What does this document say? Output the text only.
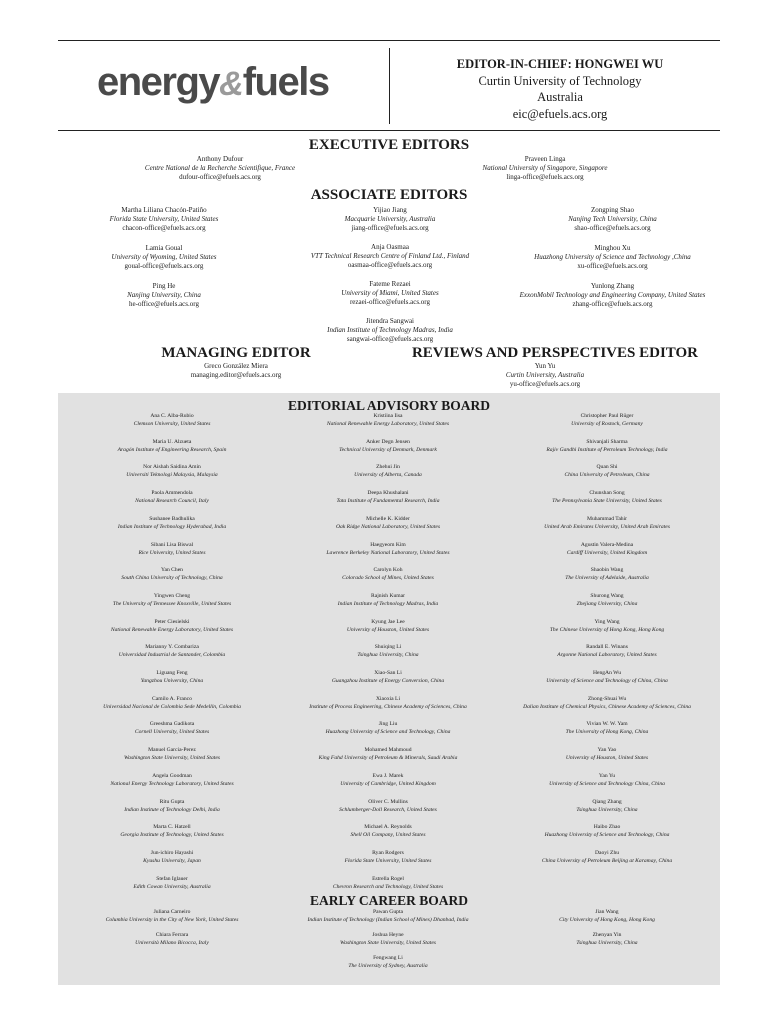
energy&fuels	EDITOR-IN-CHIEF: HONGWEI WU
Curtin University of Technology
Australia
eic@efuels.acs.org
EXECUTIVE EDITORS
Anthony Dufour
Centre National de la Recherche Scientifique, France
dufour-office@efuels.acs.org
Praveen Linga
National University of Singapore, Singapore
linga-office@efuels.acs.org
ASSOCIATE EDITORS
Martha Liliana Chacón-Patiño
Florida State University, United States
chacon-office@efuels.acs.org
Lamia Goual
University of Wyoming, United States
goual-office@efuels.acs.org
Ping He
Nanjing University, China
he-office@efuels.acs.org
Yijiao Jiang
Macquarie University, Australia
jiang-office@efuels.acs.org
Anja Oasmaa
VTT Technical Research Centre of Finland Ltd., Finland
oasmaa-office@efuels.acs.org
Fateme Rezaei
University of Miami, United States
rezaei-office@efuels.acs.org
Jitendra Sangwai
Indian Institute of Technology Madras, India
sangwai-office@efuels.acs.org
Zongping Shao
Nanjing Tech University, China
shao-office@efuels.acs.org
Minghou Xu
Huazhong University of Science and Technology ,China
xu-office@efuels.acs.org
Yunlong Zhang
ExxonMobil Technology and Engineering Company, United States
zhang-office@efuels.acs.org
MANAGING EDITOR
Greco González Miera
managing.editor@efuels.acs.org
REVIEWS AND PERSPECTIVES EDITOR
Yun Yu
Curtin University, Australia
yu-office@efuels.acs.org
EDITORIAL ADVISORY BOARD
Ana C. Alba-Rubio
Clemson University, United States
Maria U. Alzueta
Aragón Institute of Engineering Research, Spain
Nor Aishah Saidina Amin
Universiti Teknologi Malaysia, Malaysia
Paola Ammendola
National Research Council, Italy
Sushanee Badhulika
Indian Institute of Technology Hyderabad, India
Sibani Lisa Biswal
Rice University, United States
Yan Chen
South China University of Technology, China
Yingwen Cheng
The University of Tennessee Knoxville, United States
Peter Ciesielski
National Renewable Energy Laboratory, United States
Marianny Y. Combariza
Universidad Industrial de Santander, Colombia
Liguang Feng
Yangzhou University, China
Camilo A. Franco
Universidad Nacional de Colombia Sede Medellín, Colombia
Greeshma Gadikota
Cornell University, United States
Manuel Garcia-Perez
Washington State University, United States
Angela Goodman
National Energy Technology Laboratory, United States
Ritu Gupta
Indian Institute of Technology Delhi, India
Marta C. Hatzell
Georgia Institute of Technology, United States
Jun-ichiro Hayashi
Kyushu University, Japan
Stefan Iglauer
Edith Cowan University, Australia
Kristiina Iisa
National Renewable Energy Laboratory, United States
Anker Degn Jensen
Technical University of Denmark, Denmark
Zhehui Jin
University of Alberta, Canada
Deepa Khushalani
Tata Institute of Fundamental Research, India
Michelle K. Kidder
Oak Ridge National Laboratory, United States
Haegyeom Kim
Lawrence Berkeley National Laboratory, United States
Carolyn Koh
Colorado School of Mines, United States
Rajnish Kumar
Indian Institute of Technology Madras, India
Kyung Jae Lee
University of Houston, United States
Shuiqing Li
Tsinghua University, China
Xiao-San Li
Guangzhou Institute of Energy Conversion, China
Xiaoxia Li
Institute of Process Engineering, Chinese Academy of Sciences, China
Jing Liu
Huazhong University of Science and Technology, China
Mohamed Mahmoud
King Fahd University of Petroleum & Minerals, Saudi Arabia
Ewa J. Marek
University of Cambridge, United Kingdom
Oliver C. Mullins
Schlumberger-Doll Research, United States
Michael A. Reynolds
Shell Oil Company, United States
Ryan Rodgers
Florida State University, United States
Estrella Rogel
Chevron Research and Technology, United States
Christopher Paul Rüger
University of Rostock, Germany
Shivanjali Sharma
Rajiv Gandhi Institute of Petroleum Technology, India
Quan Shi
China University of Petroleum, China
Chunshan Song
The Pennsylvania State University, United States
Muhammad Tahir
United Arab Emirates University, United Arab Emirates
Agustin Valera-Medina
Cardiff University, United Kingdom
Shaobin Wang
The University of Adelaide, Australia
Shurong Wang
Zhejiang University, China
Ying Wang
The Chinese University of Hong Kong, Hong Kong
Randall E. Winans
Argonne National Laboratory, United States
HengAn Wu
University of Science and Technology of China, China
Zhong-Shuai Wu
Dalian Institute of Chemical Physics, Chinese Academy of Sciences, China
Vivian W. W. Yam
The University of Hong Kong, China
Yan Yao
University of Houston, United States
Yan Yu
University of Science and Technology China, China
Qiang Zhang
Tsinghua University, China
Haibo Zhao
Huazhong University of Science and Technology, China
Daoyi Zhu
China University of Petroleum Beijing at Karamay, China
EARLY CAREER BOARD
Juliana Carneiro
Columbia University in the City of New York, United States
Chiara Ferrara
Università Milano Bicocca, Italy
Pawan Gupta
Indian Institute of Technology (Indian School of Mines) Dhanbad, India
Joshua Heyne
Washington State University, United States
Fengwang Li
The University of Sydney, Australia
Jian Wang
City University of Hong Kong, Hong Kong
Zhenyan Yin
Tsinghua University, China
